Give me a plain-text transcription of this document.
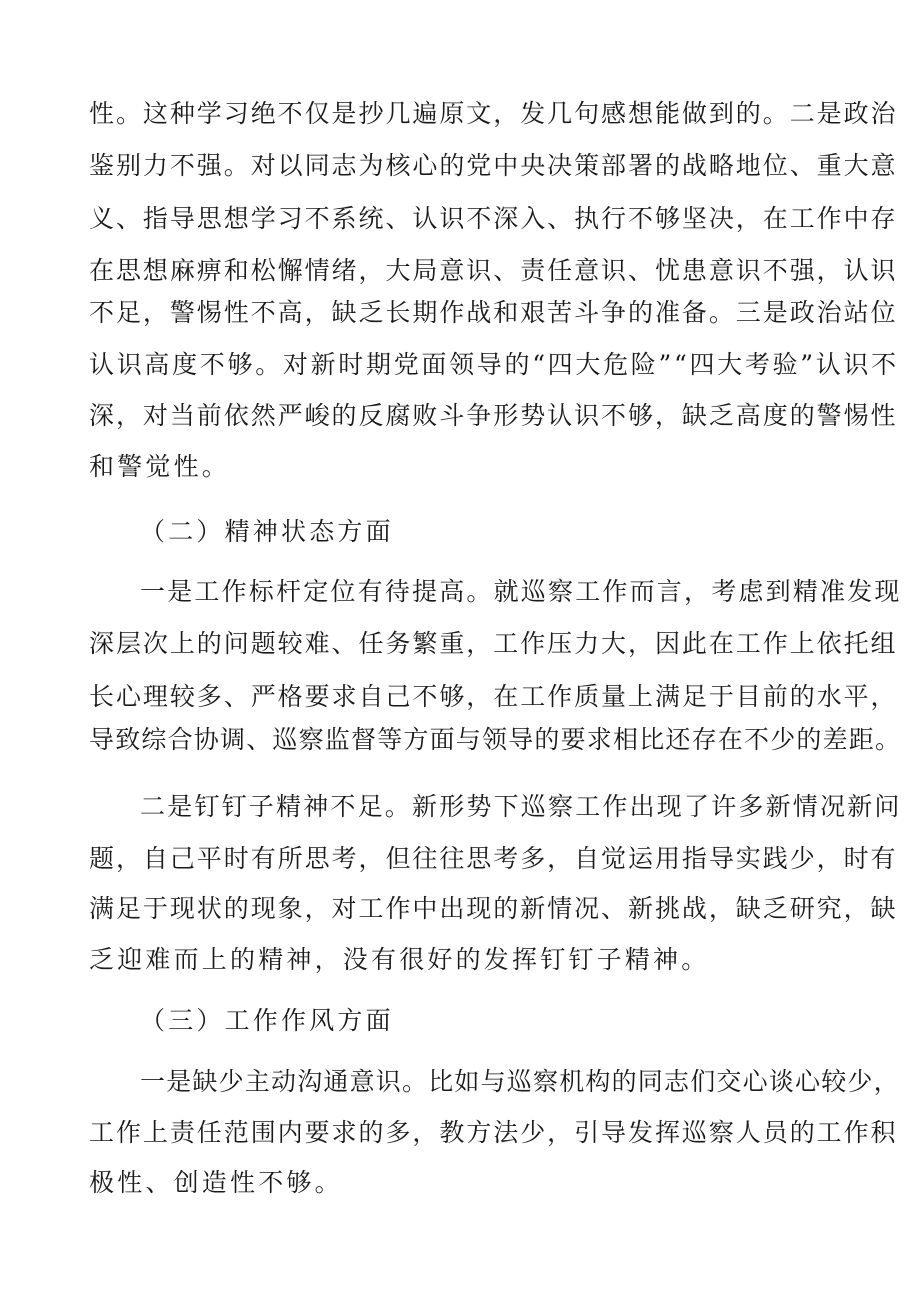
性。这种学习绝不仅是抄几遍原文，发几句感想能做到的。二是政治
鉴别力不强。对以同志为核心的党中央决策部署的战略地位、重大意
义、指导思想学习不系统、认识不深入、执行不够坚决，在工作中存
在思想麻痹和松懈情绪，大局意识、责任意识、忧患意识不强，认识
不足，警惕性不高，缺乏长期作战和艰苦斗争的准备。三是政治站位
认识高度不够。对新时期党面领导的“四大危险”“四大考验”认识不
深，对当前依然严峻的反腐败斗争形势认识不够，缺乏高度的警惕性
和警觉性。
（二）精神状态方面
一是工作标杆定位有待提高。就巡察工作而言，考虑到精准发现
深层次上的问题较难、任务繁重，工作压力大，因此在工作上依托组
长心理较多、严格要求自己不够，在工作质量上满足于目前的水平，
导致综合协调、巡察监督等方面与领导的要求相比还存在不少的差距。
二是钉钉子精神不足。新形势下巡察工作出现了许多新情况新问
题，自己平时有所思考，但往往思考多，自觉运用指导实践少，时有
满足于现状的现象，对工作中出现的新情况、新挑战，缺乏研究，缺
乏迎难而上的精神，没有很好的发挥钉钉子精神。
（三）工作作风方面
一是缺少主动沟通意识。比如与巡察机构的同志们交心谈心较少，
工作上责任范围内要求的多，教方法少，引导发挥巡察人员的工作积
极性、创造性不够。
